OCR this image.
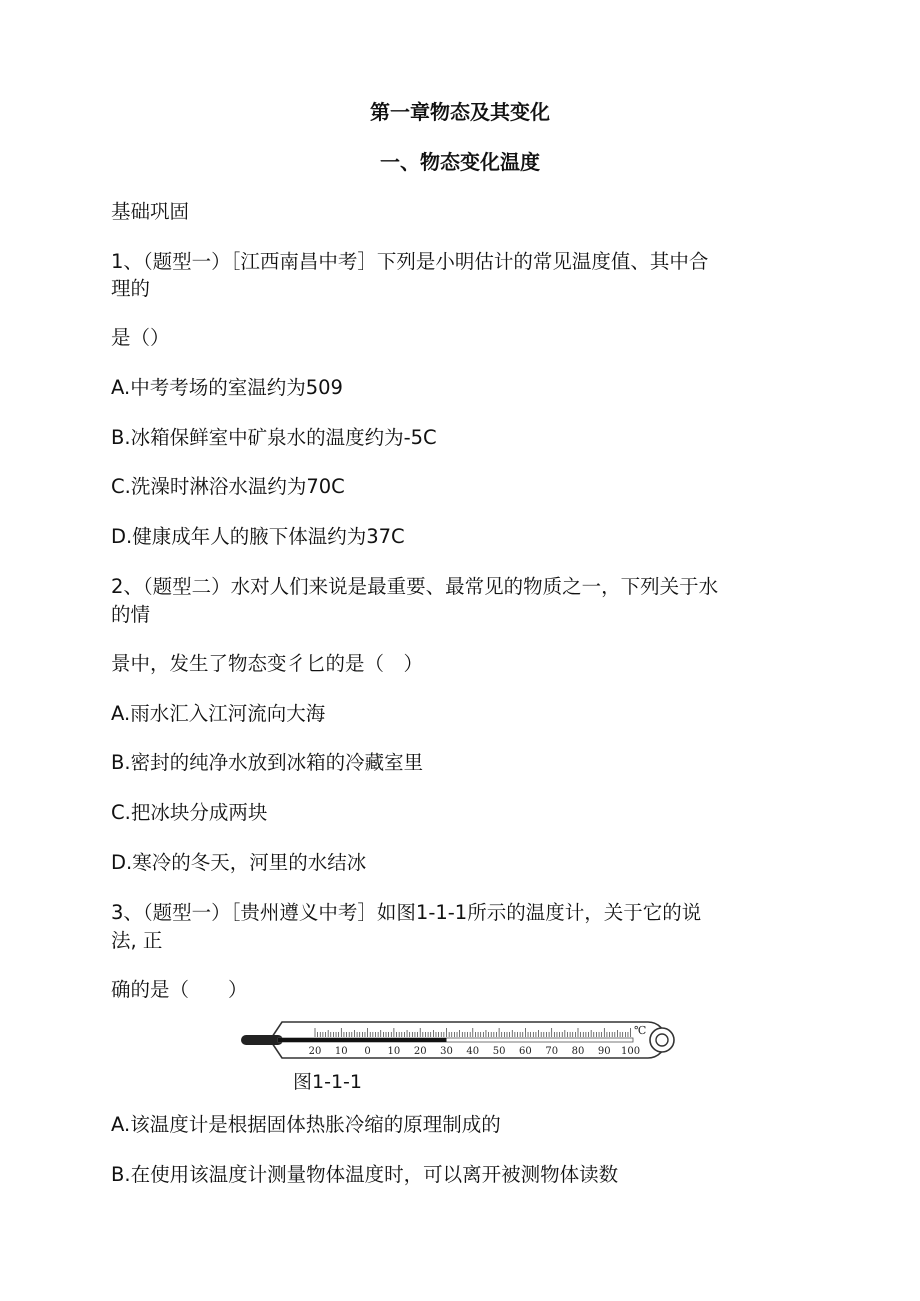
第一章物态及其变化
一、物态变化温度
基础巩固
1、（题型一）［江西南昌中考］下列是小明估计的常见温度值、其中合
理的
是（）
A.中考考场的室温约为509
B.冰箱保鲜室中矿泉水的温度约为-5C
C.洗澡时淋浴水温约为70C
D.健康成年人的腋下体温约为37C
2、（题型二）水对人们来说是最重要、最常见的物质之一，下列关于水
的情
景中，发生了物态变彳匕的是（　）
A.雨水汇入江河流向大海
B.密封的纯净水放到冰箱的冷藏室里
C.把冰块分成两块
D.寒冷的冬天，河里的水结冰
3、（题型一）［贵州遵义中考］如图1-1-1所示的温度计，关于它的说
法, 正
确的是（　　）
℃
20 10 0 10 20 30 40 50 60 70 80 90 100
图1-1-1
A.该温度计是根据固体热胀冷缩的原理制成的
B.在使用该温度计测量物体温度时，可以离开被测物体读数
